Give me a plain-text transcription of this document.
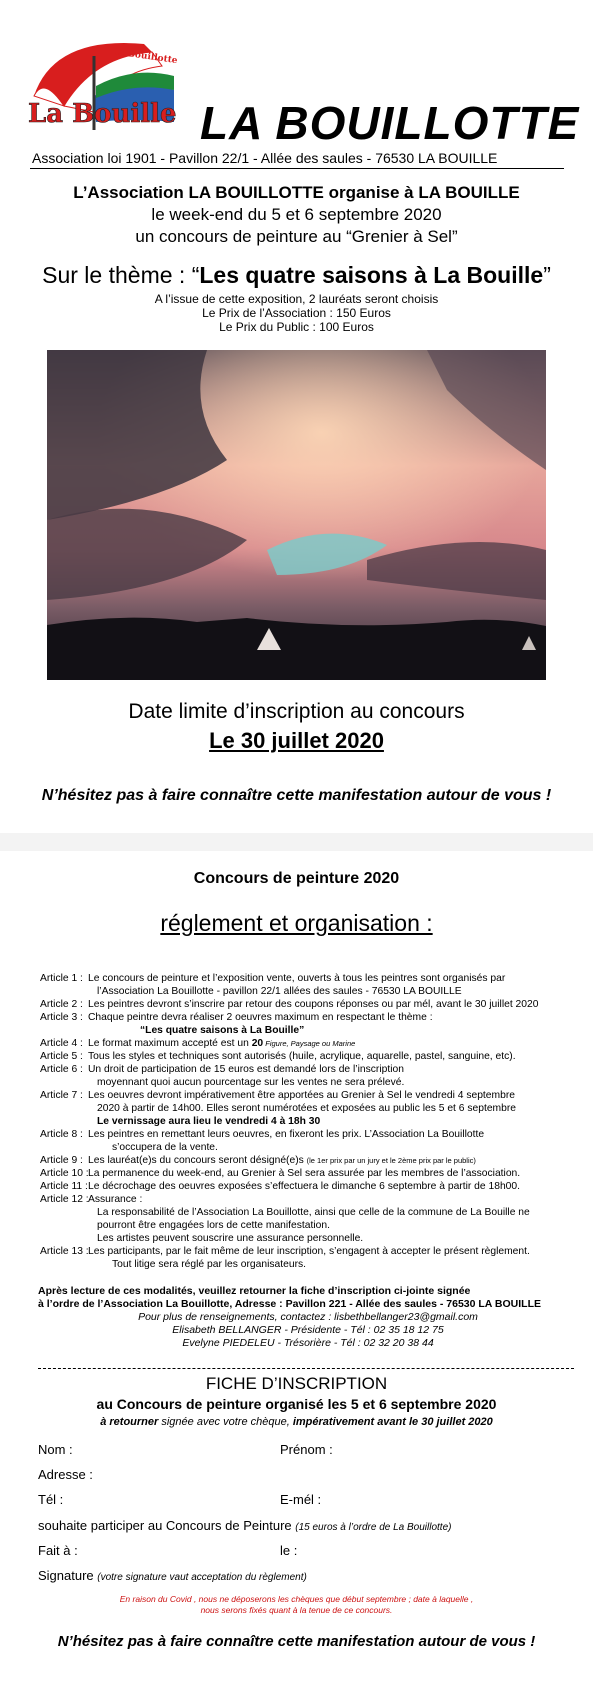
La Bouillotte
La Bouille LA BOUILLOTTE
Association loi 1901 - Pavillon 22/1 - Allée des saules - 76530 LA BOUILLE
L’Association LA BOUILLOTTE organise à LA BOUILLE
le week-end du 5 et 6 septembre 2020
un concours de peinture au “Grenier à Sel”
Sur le thème : “Les quatre saisons à La Bouille”
A l’issue de cette exposition, 2 lauréats seront choisis
Le Prix de l’Association : 150 Euros
Le Prix du Public : 100 Euros
Date limite d’inscription au concours
Le 30 juillet 2020
N’hésitez pas à faire connaître cette manifestation autour de vous !
Concours de peinture 2020
réglement et organisation :
Article 1 : Le concours de peinture et l’exposition vente, ouverts à tous les peintres sont organisés par
l’Association La Bouillotte - pavillon 22/1 allées des saules - 76530 LA BOUILLE
Article 2 : Les peintres devront s’inscrire par retour des coupons réponses ou par mél, avant le 30 juillet 2020
Article 3 : Chaque peintre devra réaliser 2 oeuvres maximum en respectant le thème :
“Les quatre saisons à La Bouille”
Article 4 : Le format maximum accepté est un 20 Figure, Paysage ou Marine
Article 5 : Tous les styles et techniques sont autorisés (huile, acrylique, aquarelle, pastel, sanguine, etc).
Article 6 : Un droit de participation de 15 euros est demandé lors de l’inscription
moyennant quoi aucun pourcentage sur les ventes ne sera prélevé.
Article 7 : Les oeuvres devront impérativement être apportées au Grenier à Sel le vendredi 4 septembre
2020 à partir de 14h00. Elles seront numérotées et exposées au public les 5 et 6 septembre
Le vernissage aura lieu le vendredi 4 à 18h 30
Article 8 : Les peintres en remettant leurs oeuvres, en fixeront les prix. L’Association La Bouillotte
s’occupera de la vente.
Article 9 : Les lauréat(e)s du concours seront désigné(e)s (le 1er prix par un jury et le 2ème prix par le public)
Article 10 : La permanence du week-end, au Grenier à Sel sera assurée par les membres de l’association.
Article 11 : Le décrochage des oeuvres exposées s’effectuera le dimanche 6 septembre à partir de 18h00.
Article 12 : Assurance :
La responsabilité de l’Association La Bouillotte, ainsi que celle de la commune de La Bouille ne
pourront être engagées lors de cette manifestation.
Les artistes peuvent souscrire une assurance personnelle.
Article 13 : Les participants, par le fait même de leur inscription, s’engagent à accepter le présent règlement.
Tout litige sera réglé par les organisateurs.
Après lecture de ces modalités, veuillez retourner la fiche d’inscription ci-jointe signée
à l’ordre de l’Association La Bouillotte, Adresse : Pavillon 221 - Allée des saules - 76530 LA BOUILLE
Pour plus de renseignements, contactez : lisbethbellanger23@gmail.com
Elisabeth BELLANGER - Présidente - Tél : 02 35 18 12 75
Evelyne PIEDELEU - Trésorière - Tél : 02 32 20 38 44
FICHE D’INSCRIPTION
au Concours de peinture organisé les 5 et 6 septembre 2020
à retourner signée avec votre chèque, impérativement avant le 30 juillet 2020
Nom :	Prénom :
Adresse :
Tél :	E-mél :
souhaite participer au Concours de Peinture (15 euros à l’ordre de La Bouillotte)
Fait à :	le :
Signature (votre signature vaut acceptation du règlement)
En raison du Covid , nous ne déposerons les chèques que début septembre ; date à laquelle ,
nous serons fixés quant à la tenue de ce concours.
N’hésitez pas à faire connaître cette manifestation autour de vous !
